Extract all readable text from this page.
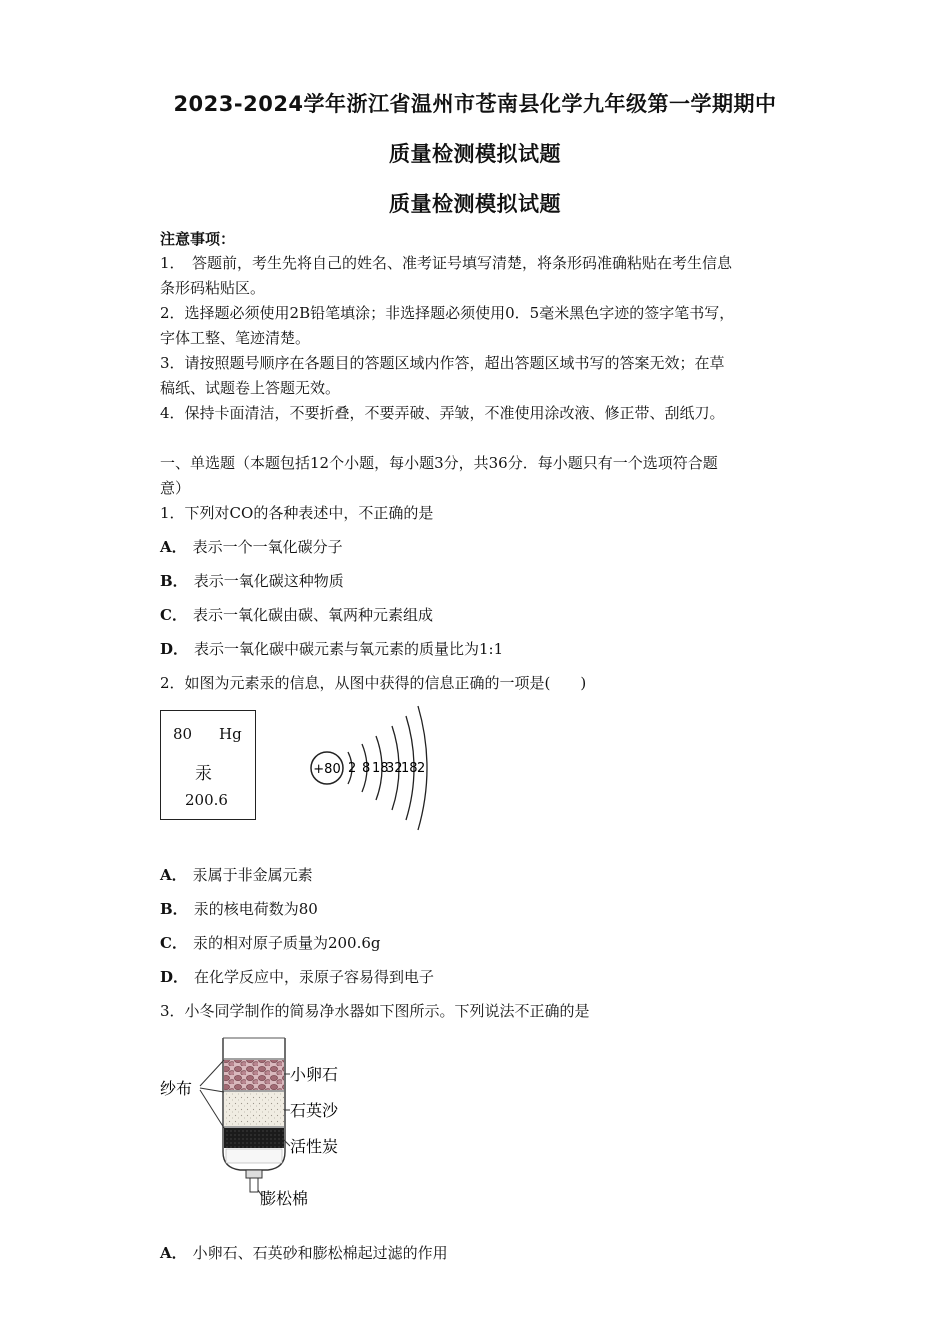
2023-2024学年浙江省温州市苍南县化学九年级第一学期期中
质量检测模拟试题
质量检测模拟试题
注意事项：
1．　答题前，考生先将自己的姓名、准考证号填写清楚，将条形码准确粘贴在考生信息
条形码粘贴区。
2．选择题必须使用2B铅笔填涂；非选择题必须使用0．5毫米黑色字迹的签字笔书写，
字体工整、笔迹清楚。
3．请按照题号顺序在各题目的答题区域内作答，超出答题区域书写的答案无效；在草
稿纸、试题卷上答题无效。
4．保持卡面清洁，不要折叠，不要弄破、弄皱，不准使用涂改液、修正带、刮纸刀。
一、单选题（本题包括12个小题，每小题3分，共36分．每小题只有一个选项符合题
意）
1．下列对CO的各种表述中，不正确的是
A． 表示一个一氧化碳分子
B． 表示一氧化碳这种物质
C． 表示一氧化碳由碳、氧两种元素组成
D． 表示一氧化碳中碳元素与氧元素的质量比为1:1
2．如图为元素汞的信息，从图中获得的信息正确的一项是(　　)
80 Hg
汞
200.6
+80 2 8 18
32
18 2
A． 汞属于非金属元素
B． 汞的核电荷数为80
C． 汞的相对原子质量为200.6g
D． 在化学反应中，汞原子容易得到电子
3．小冬同学制作的简易净水器如下图所示。下列说法不正确的是
纱布
小卵石
石英沙
活性炭
膨松棉
A． 小卵石、石英砂和膨松棉起过滤的作用
